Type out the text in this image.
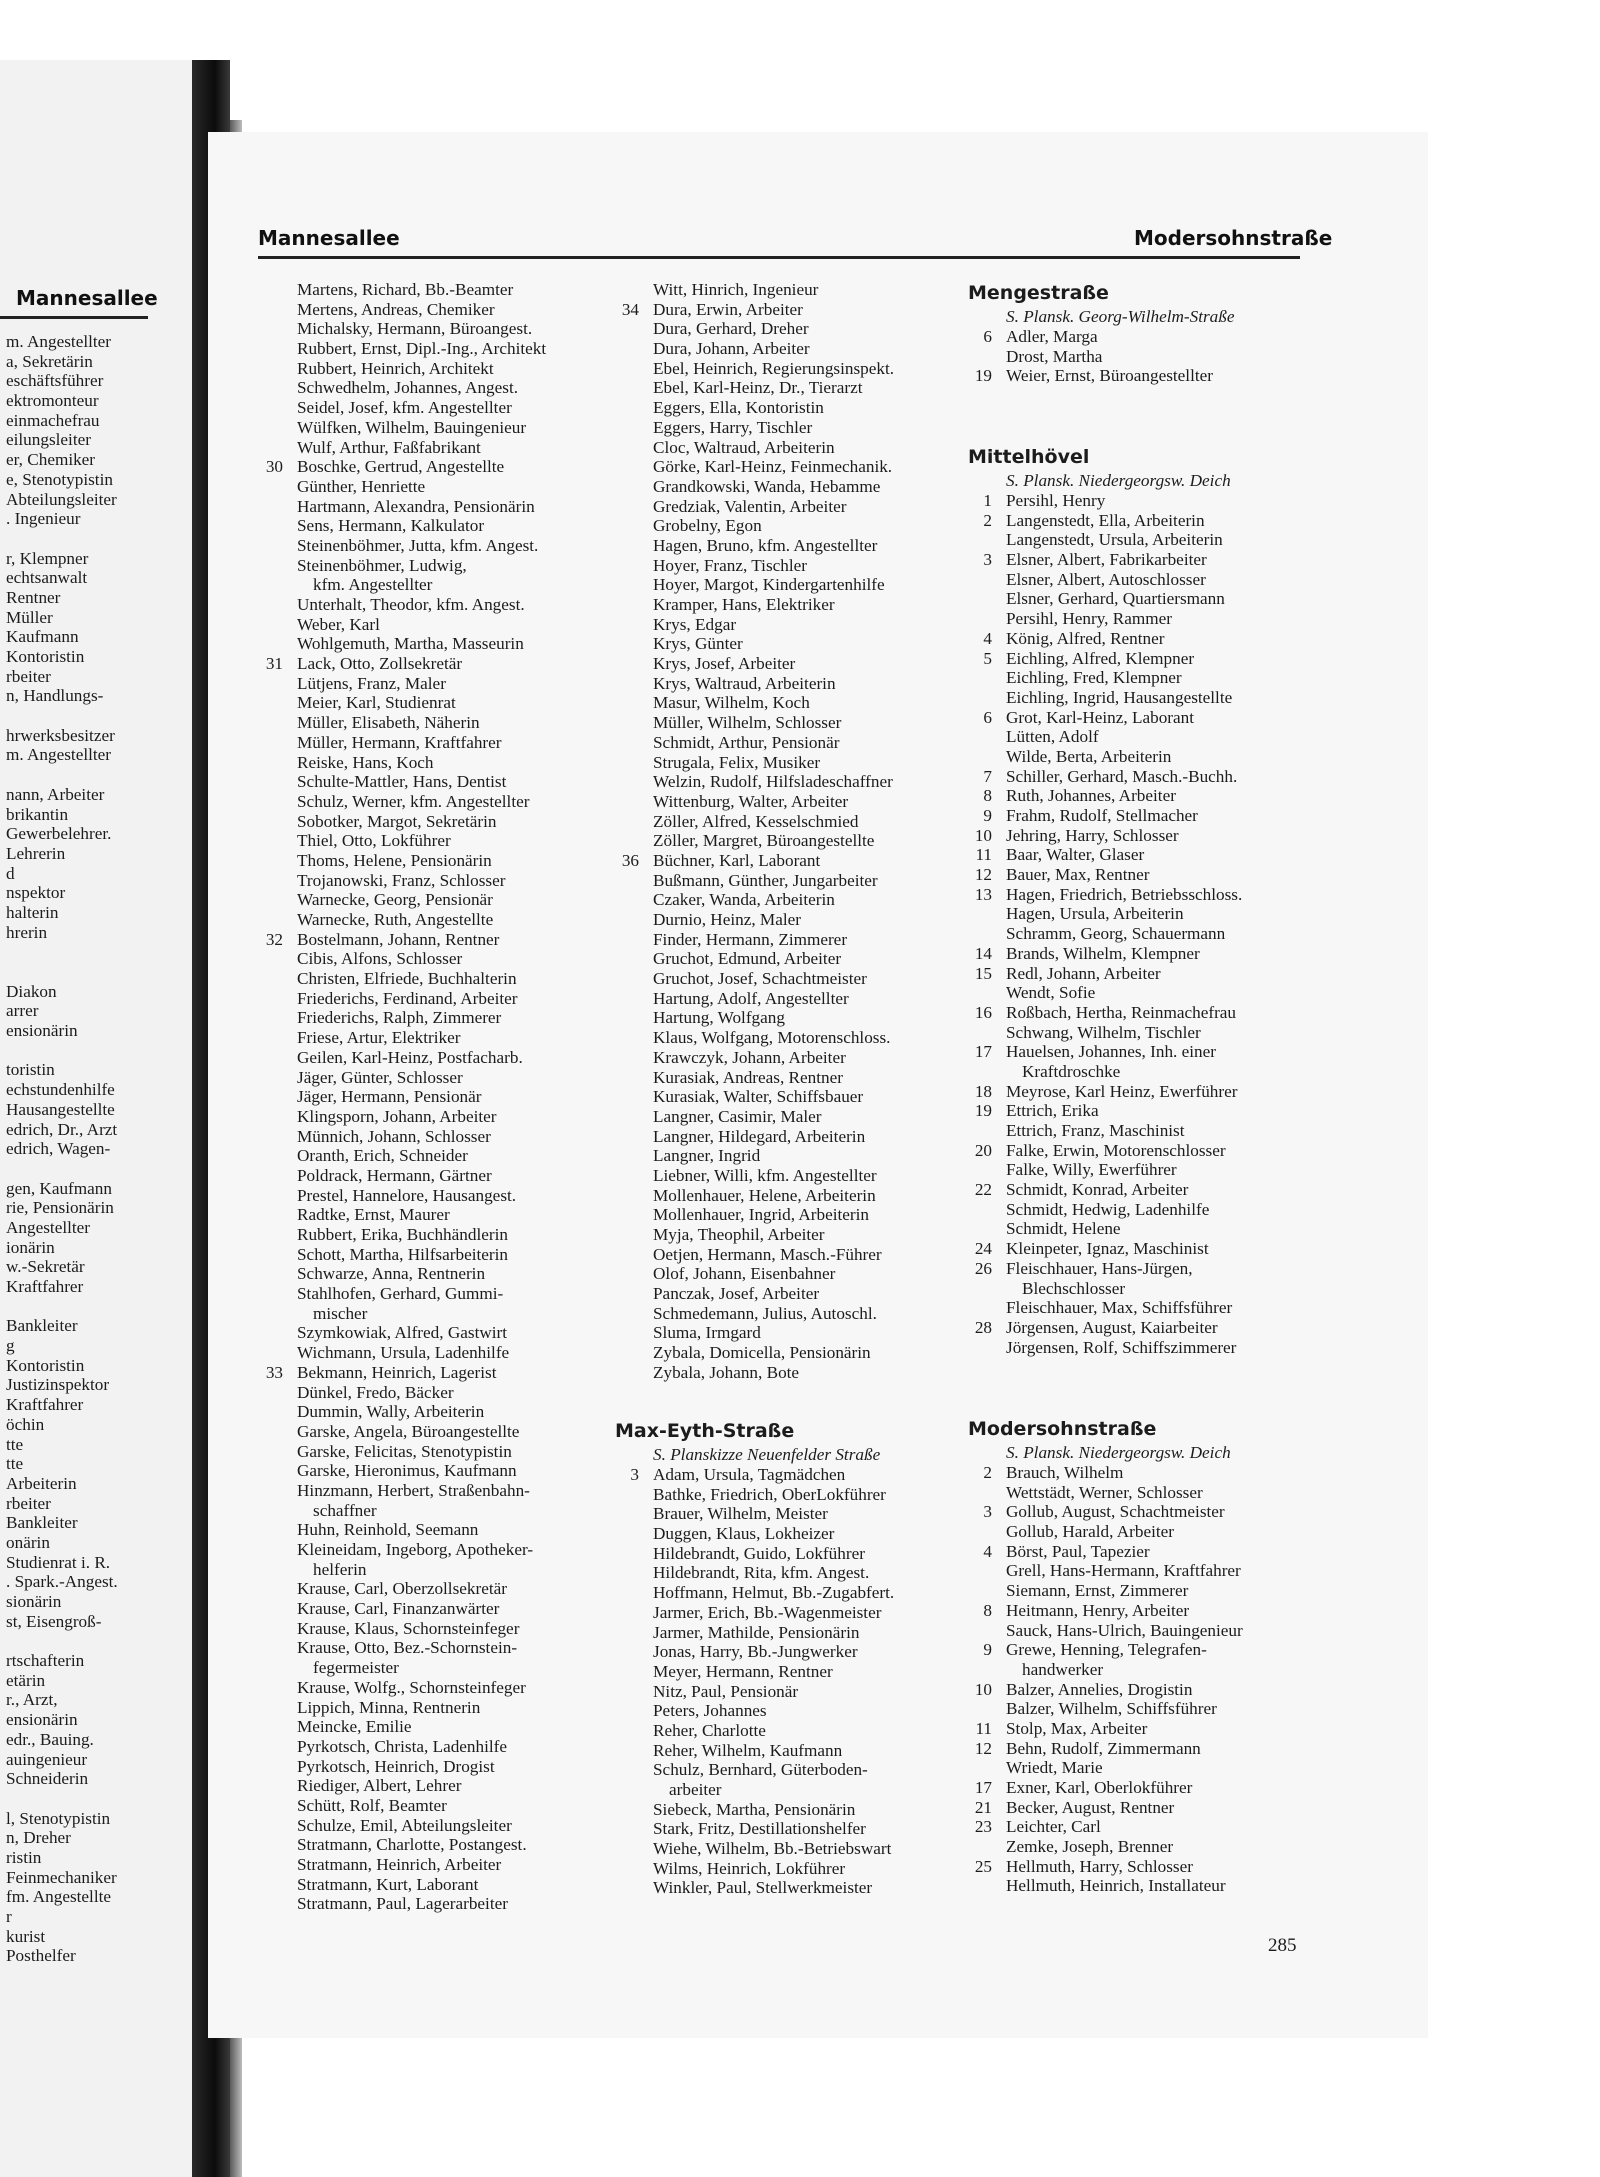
Mannesallee
m. Angestellter
a, Sekretärin
eschäftsführer
ektromonteur
einmachefrau
eilungsleiter
er, Chemiker
e, Stenotypistin
Abteilungsleiter
. Ingenieur
r, Klempner
echtsanwalt
Rentner
Müller
Kaufmann
Kontoristin
rbeiter
n, Handlungs-
hrwerksbesitzer
m. Angestellter
nann, Arbeiter
brikantin
Gewerbelehrer.
Lehrerin
d
nspektor
halterin
hrerin
Diakon
arrer
ensionärin
toristin
echstundenhilfe
Hausangestellte
edrich, Dr., Arzt
edrich, Wagen-
gen, Kaufmann
rie, Pensionärin
Angestellter
ionärin
w.-Sekretär
Kraftfahrer
Bankleiter
g
Kontoristin
Justizinspektor
Kraftfahrer
öchin
tte
tte
Arbeiterin
rbeiter
Bankleiter
onärin
Studienrat i. R.
. Spark.-Angest.
sionärin
st, Eisengroß-
rtschafterin
etärin
r., Arzt,
ensionärin
edr., Bauing.
auingenieur
Schneiderin
l, Stenotypistin
n, Dreher
ristin
Feinmechaniker
fm. Angestellte
r
kurist
Posthelfer
Mannesallee	Modersohnstraße
Martens, Richard, Bb.-Beamter
Mertens, Andreas, Chemiker
Michalsky, Hermann, Büroangest.
Rubbert, Ernst, Dipl.-Ing., Architekt
Rubbert, Heinrich, Architekt
Schwedhelm, Johannes, Angest.
Seidel, Josef, kfm. Angestellter
Wülfken, Wilhelm, Bauingenieur
Wulf, Arthur, Faßfabrikant
30 Boschke, Gertrud, Angestellte
Günther, Henriette
Hartmann, Alexandra, Pensionärin
Sens, Hermann, Kalkulator
Steinenböhmer, Jutta, kfm. Angest.
Steinenböhmer, Ludwig,
kfm. Angestellter
Unterhalt, Theodor, kfm. Angest.
Weber, Karl
Wohlgemuth, Martha, Masseurin
31 Lack, Otto, Zollsekretär
Lütjens, Franz, Maler
Meier, Karl, Studienrat
Müller, Elisabeth, Näherin
Müller, Hermann, Kraftfahrer
Reiske, Hans, Koch
Schulte-Mattler, Hans, Dentist
Schulz, Werner, kfm. Angestellter
Sobotker, Margot, Sekretärin
Thiel, Otto, Lokführer
Thoms, Helene, Pensionärin
Trojanowski, Franz, Schlosser
Warnecke, Georg, Pensionär
Warnecke, Ruth, Angestellte
32 Bostelmann, Johann, Rentner
Cibis, Alfons, Schlosser
Christen, Elfriede, Buchhalterin
Friederichs, Ferdinand, Arbeiter
Friederichs, Ralph, Zimmerer
Friese, Artur, Elektriker
Geilen, Karl-Heinz, Postfacharb.
Jäger, Günter, Schlosser
Jäger, Hermann, Pensionär
Klingsporn, Johann, Arbeiter
Münnich, Johann, Schlosser
Oranth, Erich, Schneider
Poldrack, Hermann, Gärtner
Prestel, Hannelore, Hausangest.
Radtke, Ernst, Maurer
Rubbert, Erika, Buchhändlerin
Schott, Martha, Hilfsarbeiterin
Schwarze, Anna, Rentnerin
Stahlhofen, Gerhard, Gummi-
mischer
Szymkowiak, Alfred, Gastwirt
Wichmann, Ursula, Ladenhilfe
33 Bekmann, Heinrich, Lagerist
Dünkel, Fredo, Bäcker
Dummin, Wally, Arbeiterin
Garske, Angela, Büroangestellte
Garske, Felicitas, Stenotypistin
Garske, Hieronimus, Kaufmann
Hinzmann, Herbert, Straßenbahn-
schaffner
Huhn, Reinhold, Seemann
Kleineidam, Ingeborg, Apotheker-
helferin
Krause, Carl, Oberzollsekretär
Krause, Carl, Finanzanwärter
Krause, Klaus, Schornsteinfeger
Krause, Otto, Bez.-Schornstein-
fegermeister
Krause, Wolfg., Schornsteinfeger
Lippich, Minna, Rentnerin
Meincke, Emilie
Pyrkotsch, Christa, Ladenhilfe
Pyrkotsch, Heinrich, Drogist
Riediger, Albert, Lehrer
Schütt, Rolf, Beamter
Schulze, Emil, Abteilungsleiter
Stratmann, Charlotte, Postangest.
Stratmann, Heinrich, Arbeiter
Stratmann, Kurt, Laborant
Stratmann, Paul, Lagerarbeiter
Witt, Hinrich, Ingenieur
34 Dura, Erwin, Arbeiter
Dura, Gerhard, Dreher
Dura, Johann, Arbeiter
Ebel, Heinrich, Regierungsinspekt.
Ebel, Karl-Heinz, Dr., Tierarzt
Eggers, Ella, Kontoristin
Eggers, Harry, Tischler
Cloc, Waltraud, Arbeiterin
Görke, Karl-Heinz, Feinmechanik.
Grandkowski, Wanda, Hebamme
Gredziak, Valentin, Arbeiter
Grobelny, Egon
Hagen, Bruno, kfm. Angestellter
Hoyer, Franz, Tischler
Hoyer, Margot, Kindergartenhilfe
Kramper, Hans, Elektriker
Krys, Edgar
Krys, Günter
Krys, Josef, Arbeiter
Krys, Waltraud, Arbeiterin
Masur, Wilhelm, Koch
Müller, Wilhelm, Schlosser
Schmidt, Arthur, Pensionär
Strugala, Felix, Musiker
Welzin, Rudolf, Hilfsladeschaffner
Wittenburg, Walter, Arbeiter
Zöller, Alfred, Kesselschmied
Zöller, Margret, Büroangestellte
36 Büchner, Karl, Laborant
Bußmann, Günther, Jungarbeiter
Czaker, Wanda, Arbeiterin
Durnio, Heinz, Maler
Finder, Hermann, Zimmerer
Gruchot, Edmund, Arbeiter
Gruchot, Josef, Schachtmeister
Hartung, Adolf, Angestellter
Hartung, Wolfgang
Klaus, Wolfgang, Motorenschloss.
Krawczyk, Johann, Arbeiter
Kurasiak, Andreas, Rentner
Kurasiak, Walter, Schiffsbauer
Langner, Casimir, Maler
Langner, Hildegard, Arbeiterin
Langner, Ingrid
Liebner, Willi, kfm. Angestellter
Mollenhauer, Helene, Arbeiterin
Mollenhauer, Ingrid, Arbeiterin
Myja, Theophil, Arbeiter
Oetjen, Hermann, Masch.-Führer
Olof, Johann, Eisenbahner
Panczak, Josef, Arbeiter
Schmedemann, Julius, Autoschl.
Sluma, Irmgard
Zybala, Domicella, Pensionärin
Zybala, Johann, Bote
Max-Eyth-Straße
S. Planskizze Neuenfelder Straße
3 Adam, Ursula, Tagmädchen
Bathke, Friedrich, OberLokführer
Brauer, Wilhelm, Meister
Duggen, Klaus, Lokheizer
Hildebrandt, Guido, Lokführer
Hildebrandt, Rita, kfm. Angest.
Hoffmann, Helmut, Bb.-Zugabfert.
Jarmer, Erich, Bb.-Wagenmeister
Jarmer, Mathilde, Pensionärin
Jonas, Harry, Bb.-Jungwerker
Meyer, Hermann, Rentner
Nitz, Paul, Pensionär
Peters, Johannes
Reher, Charlotte
Reher, Wilhelm, Kaufmann
Schulz, Bernhard, Güterboden-
arbeiter
Siebeck, Martha, Pensionärin
Stark, Fritz, Destillationshelfer
Wiehe, Wilhelm, Bb.-Betriebswart
Wilms, Heinrich, Lokführer
Winkler, Paul, Stellwerkmeister
Mengestraße
S. Plansk. Georg-Wilhelm-Straße
6 Adler, Marga
Drost, Martha
19 Weier, Ernst, Büroangestellter
Mittelhövel
S. Plansk. Niedergeorgsw. Deich
1 Persihl, Henry
2 Langenstedt, Ella, Arbeiterin
Langenstedt, Ursula, Arbeiterin
3 Elsner, Albert, Fabrikarbeiter
Elsner, Albert, Autoschlosser
Elsner, Gerhard, Quartiersmann
Persihl, Henry, Rammer
4 König, Alfred, Rentner
5 Eichling, Alfred, Klempner
Eichling, Fred, Klempner
Eichling, Ingrid, Hausangestellte
6 Grot, Karl-Heinz, Laborant
Lütten, Adolf
Wilde, Berta, Arbeiterin
7 Schiller, Gerhard, Masch.-Buchh.
8 Ruth, Johannes, Arbeiter
9 Frahm, Rudolf, Stellmacher
10 Jehring, Harry, Schlosser
11 Baar, Walter, Glaser
12 Bauer, Max, Rentner
13 Hagen, Friedrich, Betriebsschloss.
Hagen, Ursula, Arbeiterin
Schramm, Georg, Schauermann
14 Brands, Wilhelm, Klempner
15 Redl, Johann, Arbeiter
Wendt, Sofie
16 Roßbach, Hertha, Reinmachefrau
Schwang, Wilhelm, Tischler
17 Hauelsen, Johannes, Inh. einer
Kraftdroschke
18 Meyrose, Karl Heinz, Ewerführer
19 Ettrich, Erika
Ettrich, Franz, Maschinist
20 Falke, Erwin, Motorenschlosser
Falke, Willy, Ewerführer
22 Schmidt, Konrad, Arbeiter
Schmidt, Hedwig, Ladenhilfe
Schmidt, Helene
24 Kleinpeter, Ignaz, Maschinist
26 Fleischhauer, Hans-Jürgen,
Blechschlosser
Fleischhauer, Max, Schiffsführer
28 Jörgensen, August, Kaiarbeiter
Jörgensen, Rolf, Schiffszimmerer
Modersohnstraße
S. Plansk. Niedergeorgsw. Deich
2 Brauch, Wilhelm
Wettstädt, Werner, Schlosser
3 Gollub, August, Schachtmeister
Gollub, Harald, Arbeiter
4 Börst, Paul, Tapezier
Grell, Hans-Hermann, Kraftfahrer
Siemann, Ernst, Zimmerer
8 Heitmann, Henry, Arbeiter
Sauck, Hans-Ulrich, Bauingenieur
9 Grewe, Henning, Telegrafen-
handwerker
10 Balzer, Annelies, Drogistin
Balzer, Wilhelm, Schiffsführer
11 Stolp, Max, Arbeiter
12 Behn, Rudolf, Zimmermann
Wriedt, Marie
17 Exner, Karl, Oberlokführer
21 Becker, August, Rentner
23 Leichter, Carl
Zemke, Joseph, Brenner
25 Hellmuth, Harry, Schlosser
Hellmuth, Heinrich, Installateur
285
